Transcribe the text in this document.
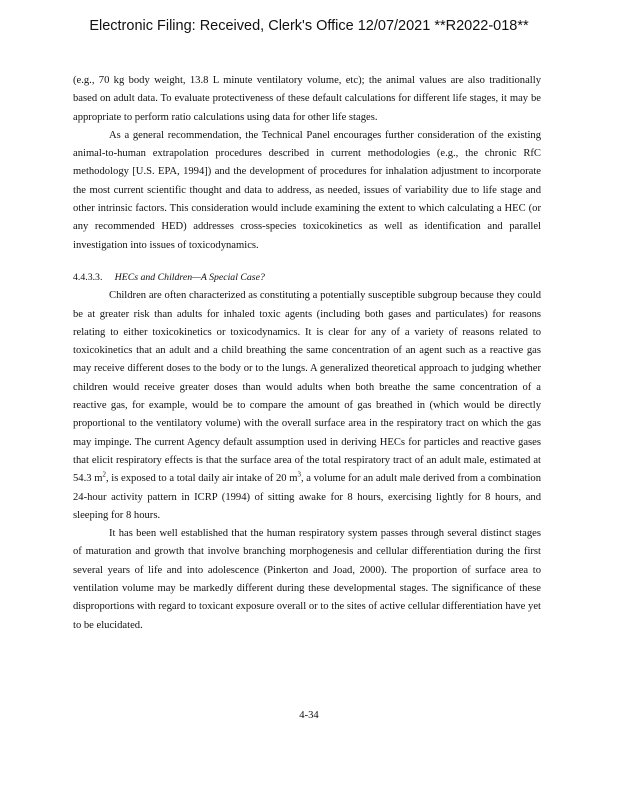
Electronic Filing: Received, Clerk's Office 12/07/2021 **R2022-018**

(e.g., 70 kg body weight, 13.8 L minute ventilatory volume, etc); the animal values are also traditionally based on adult data. To evaluate protectiveness of these default calculations for different life stages, it may be appropriate to perform ratio calculations using data for other life stages.

As a general recommendation, the Technical Panel encourages further consideration of the existing animal-to-human extrapolation procedures described in current methodologies (e.g., the chronic RfC methodology [U.S. EPA, 1994]) and the development of procedures for inhalation adjustment to incorporate the most current scientific thought and data to address, as needed, issues of variability due to life stage and other intrinsic factors. This consideration would include examining the extent to which calculating a HEC (or any recommended HED) addresses cross-species toxicokinetics as well as identification and parallel investigation into issues of toxicodynamics.

4.4.3.3. HECs and Children—A Special Case?

Children are often characterized as constituting a potentially susceptible subgroup because they could be at greater risk than adults for inhaled toxic agents (including both gases and particulates) for reasons relating to either toxicokinetics or toxicodynamics. It is clear for any of a variety of reasons related to toxicokinetics that an adult and a child breathing the same concentration of an agent such as a reactive gas may receive different doses to the body or to the lungs. A generalized theoretical approach to judging whether children would receive greater doses than would adults when both breathe the same concentration of a reactive gas, for example, would be to compare the amount of gas breathed in (which would be directly proportional to the ventilatory volume) with the overall surface area in the respiratory tract on which the gas may impinge. The current Agency default assumption used in deriving HECs for particles and reactive gases that elicit respiratory effects is that the surface area of the total respiratory tract of an adult male, estimated at 54.3 $m^2$, is exposed to a total daily air intake of 20 $m^3$, a volume for an adult male derived from a combination 24-hour activity pattern in ICRP (1994) of sitting awake for 8 hours, exercising lightly for 8 hours, and sleeping for 8 hours.

It has been well established that the human respiratory system passes through several distinct stages of maturation and growth that involve branching morphogenesis and cellular differentiation during the first several years of life and into adolescence (Pinkerton and Joad, 2000). The proportion of surface area to ventilation volume may be markedly different during these developmental stages. The significance of these disproportions with regard to toxicant exposure overall or to the sites of active cellular differentiation have yet to be elucidated.

4-34
